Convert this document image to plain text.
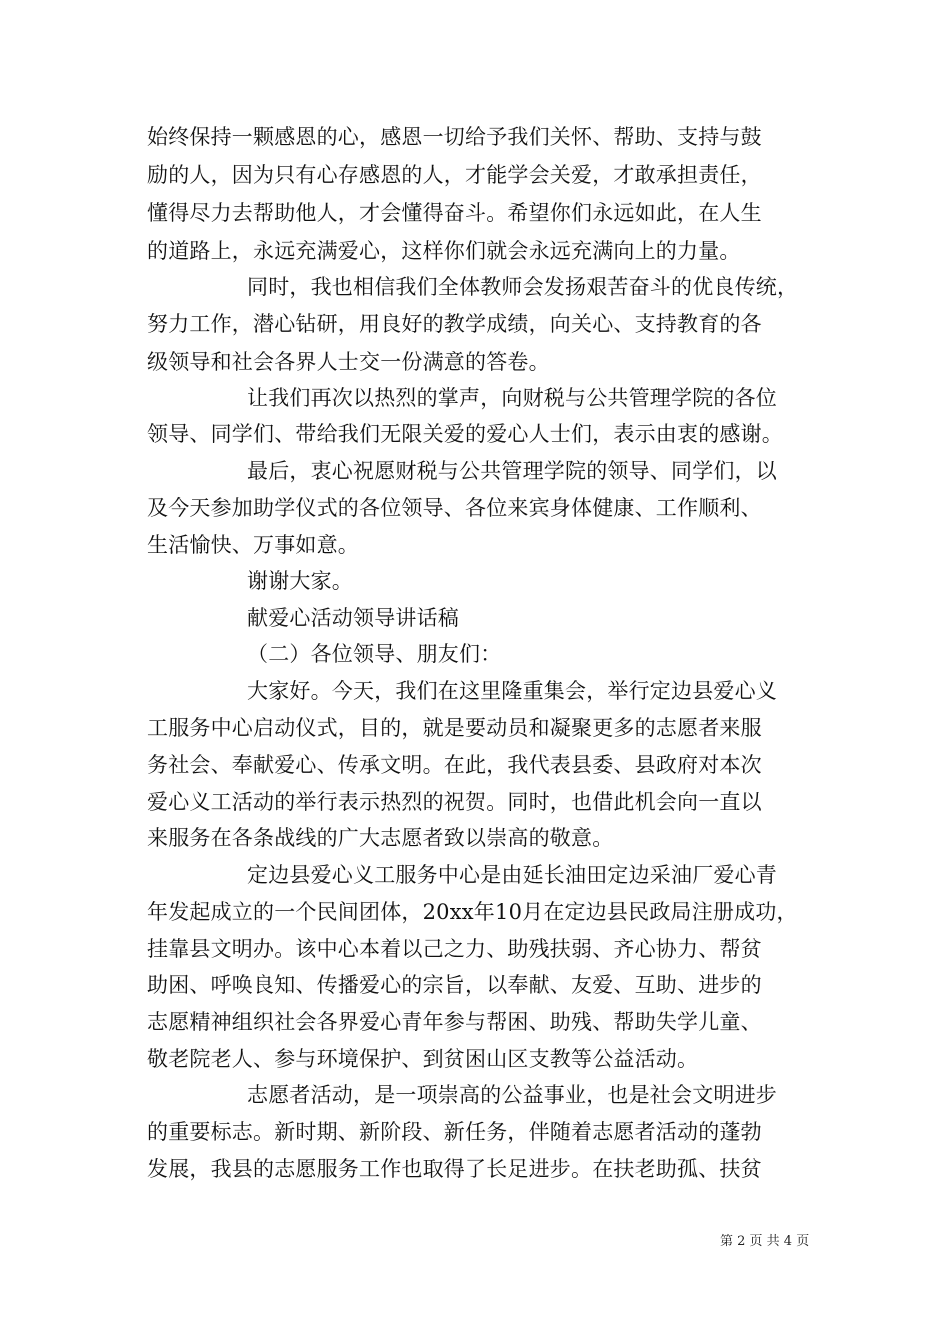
始终保持一颗感恩的心，感恩一切给予我们关怀、帮助、支持与鼓
励的人，因为只有心存感恩的人，才能学会关爱，才敢承担责任，
懂得尽力去帮助他人，才会懂得奋斗。希望你们永远如此，在人生
的道路上，永远充满爱心，这样你们就会永远充满向上的力量。
同时，我也相信我们全体教师会发扬艰苦奋斗的优良传统，
努力工作，潜心钻研，用良好的教学成绩，向关心、支持教育的各
级领导和社会各界人士交一份满意的答卷。
让我们再次以热烈的掌声，向财税与公共管理学院的各位
领导、同学们、带给我们无限关爱的爱心人士们，表示由衷的感谢。
最后，衷心祝愿财税与公共管理学院的领导、同学们，以
及今天参加助学仪式的各位领导、各位来宾身体健康、工作顺利、
生活愉快、万事如意。
谢谢大家。
献爱心活动领导讲话稿
（二）各位领导、朋友们：
大家好。今天，我们在这里隆重集会，举行定边县爱心义
工服务中心启动仪式，目的，就是要动员和凝聚更多的志愿者来服
务社会、奉献爱心、传承文明。在此，我代表县委、县政府对本次
爱心义工活动的举行表示热烈的祝贺。同时，也借此机会向一直以
来服务在各条战线的广大志愿者致以崇高的敬意。
定边县爱心义工服务中心是由延长油田定边采油厂爱心青
年发起成立的一个民间团体，20xx年10月在定边县民政局注册成功，
挂靠县文明办。该中心本着以己之力、助残扶弱、齐心协力、帮贫
助困、呼唤良知、传播爱心的宗旨，以奉献、友爱、互助、进步的
志愿精神组织社会各界爱心青年参与帮困、助残、帮助失学儿童、
敬老院老人、参与环境保护、到贫困山区支教等公益活动。
志愿者活动，是一项崇高的公益事业，也是社会文明进步
的重要标志。新时期、新阶段、新任务，伴随着志愿者活动的蓬勃
发展，我县的志愿服务工作也取得了长足进步。在扶老助孤、扶贫
第 2 页 共 4 页
